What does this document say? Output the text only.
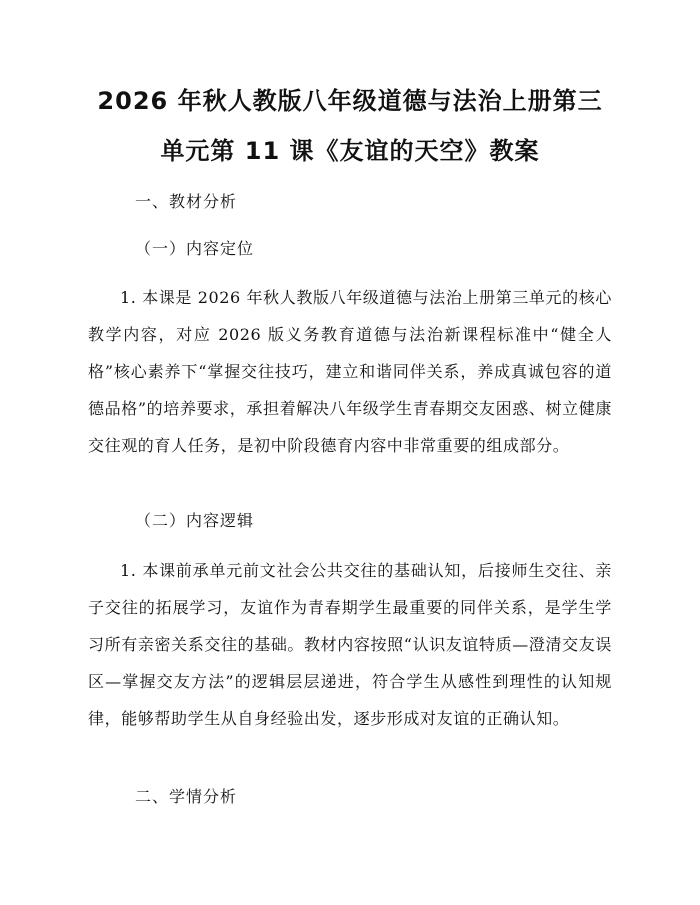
2026 年秋人教版八年级道德与法治上册第三
单元第 11 课《友谊的天空》教案
一、教材分析
（一）内容定位
1. 本课是 2026 年秋人教版八年级道德与法治上册第三单元的核心教学内容，对应 2026 版义务教育道德与法治新课程标准中“健全人格”核心素养下“掌握交往技巧，建立和谐同伴关系，养成真诚包容的道德品格”的培养要求，承担着解决八年级学生青春期交友困惑、树立健康交往观的育人任务，是初中阶段德育内容中非常重要的组成部分。
（二）内容逻辑
1. 本课前承单元前文社会公共交往的基础认知，后接师生交往、亲子交往的拓展学习，友谊作为青春期学生最重要的同伴关系，是学生学习所有亲密关系交往的基础。教材内容按照“认识友谊特质—澄清交友误区—掌握交友方法”的逻辑层层递进，符合学生从感性到理性的认知规律，能够帮助学生从自身经验出发，逐步形成对友谊的正确认知。
二、学情分析
